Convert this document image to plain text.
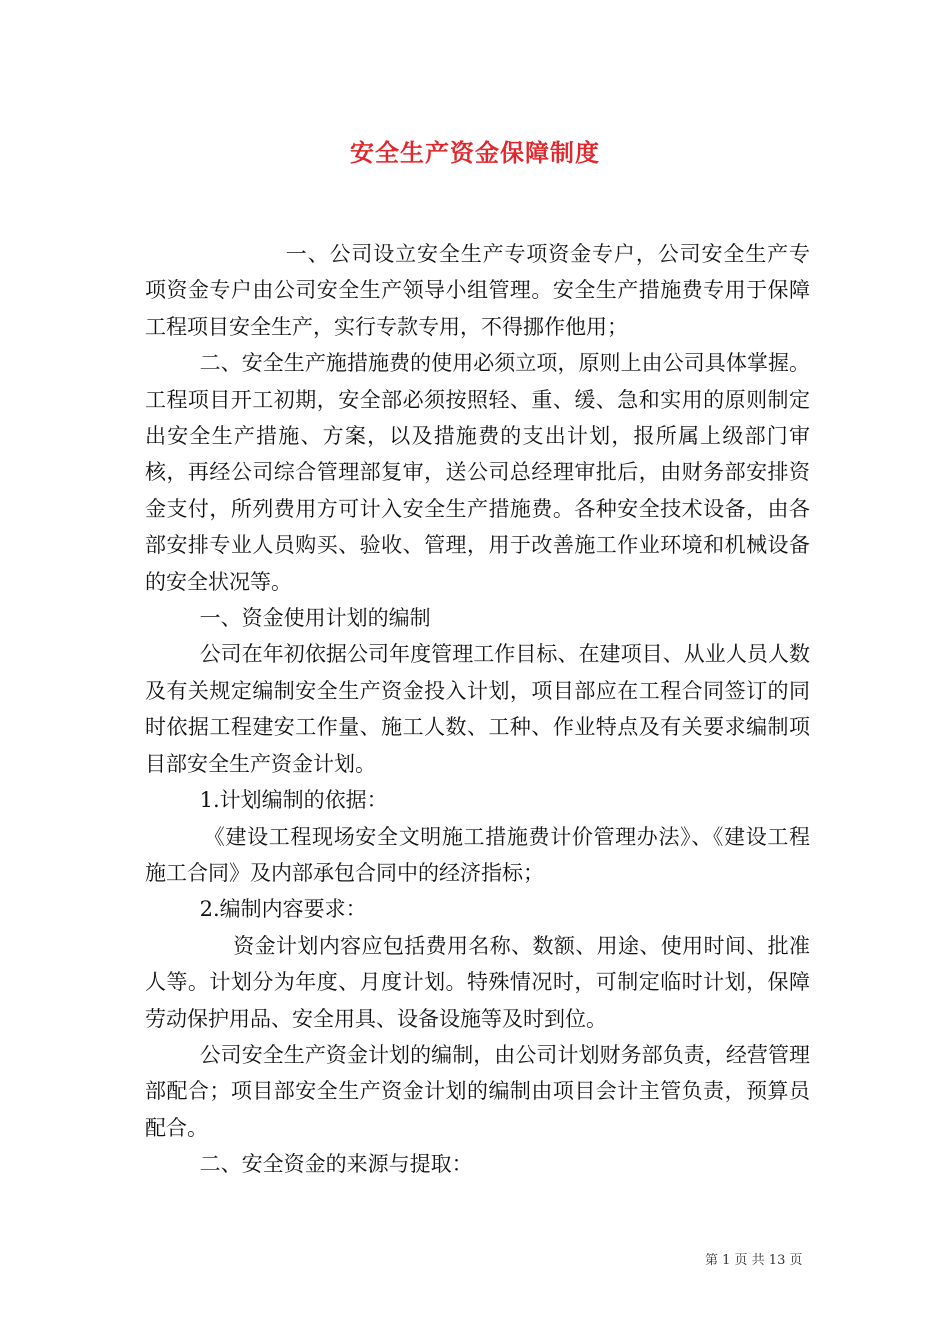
安全生产资金保障制度

一、公司设立安全生产专项资金专户，公司安全生产专项资金专户由公司安全生产领导小组管理。安全生产措施费专用于保障工程项目安全生产，实行专款专用，不得挪作他用；

二、安全生产施措施费的使用必须立项，原则上由公司具体掌握。工程项目开工初期，安全部必须按照轻、重、缓、急和实用的原则制定出安全生产措施、方案，以及措施费的支出计划，报所属上级部门审核，再经公司综合管理部复审，送公司总经理审批后，由财务部安排资金支付，所列费用方可计入安全生产措施费。各种安全技术设备，由各部安排专业人员购买、验收、管理，用于改善施工作业环境和机械设备的安全状况等。

一、资金使用计划的编制

公司在年初依据公司年度管理工作目标、在建项目、从业人员人数及有关规定编制安全生产资金投入计划，项目部应在工程合同签订的同时依据工程建安工作量、施工人数、工种、作业特点及有关要求编制项目部安全生产资金计划。

1.计划编制的依据：

《建设工程现场安全文明施工措施费计价管理办法》、《建设工程施工合同》及内部承包合同中的经济指标；

2.编制内容要求：

资金计划内容应包括费用名称、数额、用途、使用时间、批准人等。计划分为年度、月度计划。特殊情况时，可制定临时计划，保障劳动保护用品、安全用具、设备设施等及时到位。

公司安全生产资金计划的编制，由公司计划财务部负责，经营管理部配合；项目部安全生产资金计划的编制由项目会计主管负责，预算员配合。

二、安全资金的来源与提取：

第 1 页 共 13 页
